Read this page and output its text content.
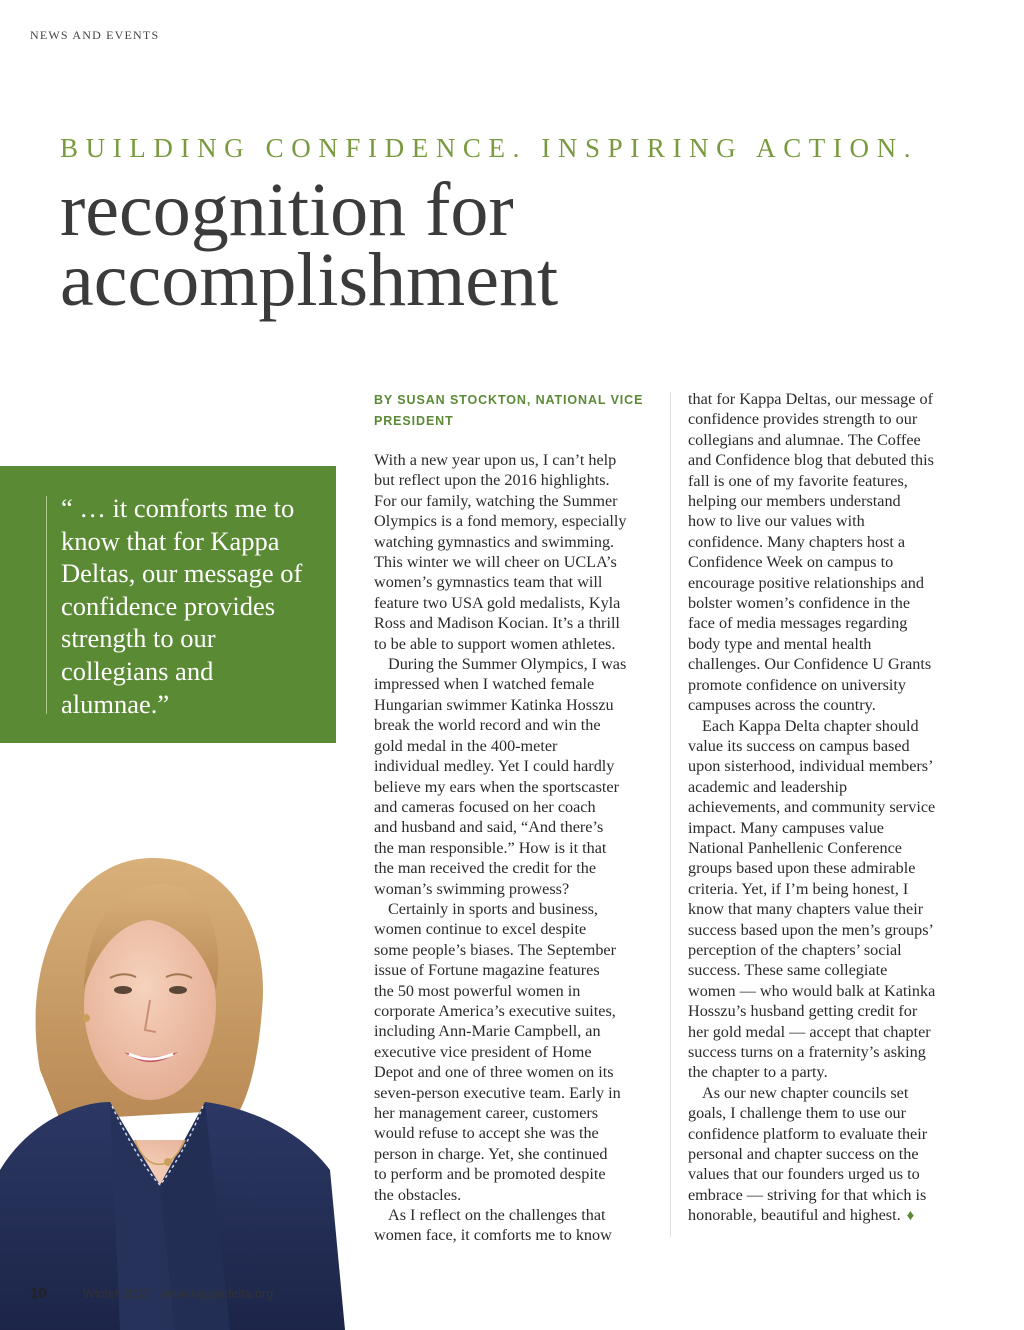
NEWS AND EVENTS
BUILDING CONFIDENCE. INSPIRING ACTION.
recognition for
accomplishment

“ … it comforts me to know that for Kappa Deltas, our message of confidence provides strength to our collegians and alumnae.”

10	Winter 2017 | www.kappadelta.org
BY SUSAN STOCKTON, NATIONAL VICE PRESIDENT
With a new year upon us, I can’t help
but reflect upon the 2016 highlights.
For our family, watching the Summer
Olympics is a fond memory, especially
watching gymnastics and swimming.
This winter we will cheer on UCLA’s
women’s gymnastics team that will
feature two USA gold medalists, Kyla
Ross and Madison Kocian. It’s a thrill
to be able to support women athletes.
During the Summer Olympics, I was
impressed when I watched female
Hungarian swimmer Katinka Hosszu
break the world record and win the
gold medal in the 400-meter
individual medley. Yet I could hardly
believe my ears when the sportscaster
and cameras focused on her coach
and husband and said, “And there’s
the man responsible.” How is it that
the man received the credit for the
woman’s swimming prowess?
Certainly in sports and business,
women continue to excel despite
some people’s biases. The September
issue of Fortune magazine features
the 50 most powerful women in
corporate America’s executive suites,
including Ann-Marie Campbell, an
executive vice president of Home
Depot and one of three women on its
seven-person executive team. Early in
her management career, customers
would refuse to accept she was the
person in charge. Yet, she continued
to perform and be promoted despite
the obstacles.
As I reflect on the challenges that
women face, it comforts me to know
that for Kappa Deltas, our message of
confidence provides strength to our
collegians and alumnae. The Coffee
and Confidence blog that debuted this
fall is one of my favorite features,
helping our members understand
how to live our values with
confidence. Many chapters host a
Confidence Week on campus to
encourage positive relationships and
bolster women’s confidence in the
face of media messages regarding
body type and mental health
challenges. Our Confidence U Grants
promote confidence on university
campuses across the country.
Each Kappa Delta chapter should
value its success on campus based
upon sisterhood, individual members’
academic and leadership
achievements, and community service
impact. Many campuses value
National Panhellenic Conference
groups based upon these admirable
criteria. Yet, if I’m being honest, I
know that many chapters value their
success based upon the men’s groups’
perception of the chapters’ social
success. These same collegiate
women — who would balk at Katinka
Hosszu’s husband getting credit for
her gold medal — accept that chapter
success turns on a fraternity’s asking
the chapter to a party.
As our new chapter councils set
goals, I challenge them to use our
confidence platform to evaluate their
personal and chapter success on the
values that our founders urged us to
embrace — striving for that which is
honorable, beautiful and highest. ♦
